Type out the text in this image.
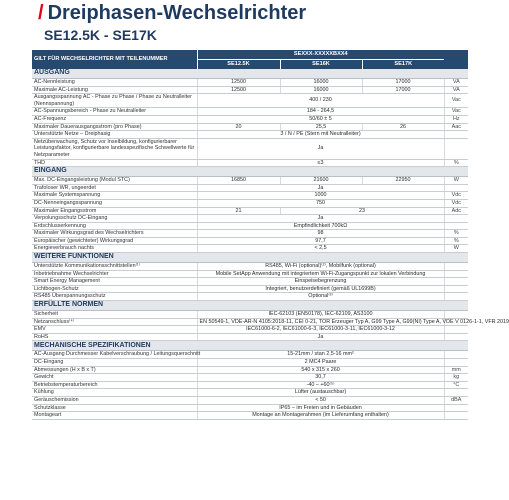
/ Dreiphasen-Wechselrichter
SE12.5K - SE17K
GILT FÜR WECHSELRICHTER MIT TEILENUMMER	SEXXX-XXXXXBXX4			
	SE12.5K	SE16K	SE17K	
AUSGANG				
AC-Nennleistung	12500	16000	17000	VA
Maximale AC-Leistung	12500	16000	17000	VA
Ausgangsspannung AC - Phase zu Phase / Phase zu Neutralleiter (Nennspannung)	400 / 230			Vac
AC-Spannungsbereich - Phase zu Neutralleiter	184 - 264,5			Vac
AC-Frequenz	50/60 ± 5			Hz
Maximaler Dauerausgangsstrom (pro Phase)	20	25,5	26	Aac
Unterstützte Netze – Dreiphasig	3 / N / PE (Stern mit Neutralleiter)			
Netzüberwachung, Schutz vor Inselbildung, konfigurierbarer Leistungsfaktor, konfigurierbare landesspezifische Schwellwerte für Netzparameter	Ja			
THD	≤3			%
EINGANG				
Max. DC-Eingangsleistung (Modul STC)	16850	21600	22950	W
Trafoloser WR, ungeerdet	Ja			
Maximale Systemspannung	1000			Vdc
DC-Nenneingangsspannung	750			Vdc
Maximaler Eingangsstrom	21	23		Adc
Verpolungsschutz DC-Eingang	Ja			
Erdschlusserkennung	Empfindlichkeit 700kΩ			
Maximaler Wirkungsgrad des Wechselrichters	98			%
Europäischer (gewichteter) Wirkungsgrad	97,7			%
Energieverbrauch nachts	< 2,5			W
WEITERE FUNKTIONEN				
Unterstützte Kommunikationsschnittstellen⁽¹⁾	RS485, Wi-Fi (optional)⁽²⁾, Mobilfunk (optional)			
Inbetriebnahme Wechselrichter	Mobile SetApp Anwendung mit integriertem Wi-Fi-Zugangspunkt zur lokalen Verbindung			
Smart Energy Management	Einspeisebegrenzung			
Lichtbogen-Schutz	Integriert, benutzerdefiniert (gemäß UL1699B)			
RS485 Überspannungsschutz	Optional⁽³⁾			
ERFÜLLTE NORMEN				
Sicherheit	IEC-62103 (EN50178), IEC-62109, AS3100			
Netzanschluss⁽⁴⁾	EN 50549-1, VDE-AR-N 4105:2018-11, CEI 0-21, TOR Erzeuger Typ A, G99 Type A, G99(NI) Type A, VDE V 0126-1-1, VFR 2019			
EMV	IEC61000-6-2, IEC61000-6-3, IEC61000-3-11, IEC61000-3-12			
RoHS	Ja			
MECHANISCHE SPEZIFIKATIONEN				
AC-Ausgang Durchmesser Kabelverschraubung / Leitungsquerschnitt	15-21mm / stan 2,5-16 mm²			
DC-Eingang	2 MC4 Paare			
Abmessungen (H x B x T)	540 x 315 x 260			mm
Gewicht	30,7			kg
Betriebstemperaturbereich	-40 – +60⁽⁵⁾			°C
Kühlung	Lüfter (austauschbar)			
Geräuschemission	< 50			dBA
Schutzklasse	IP65 – im Freien und in Gebäuden			
Montageart	Montage an Montagerahmen (im Lieferumfang enthalten)			
